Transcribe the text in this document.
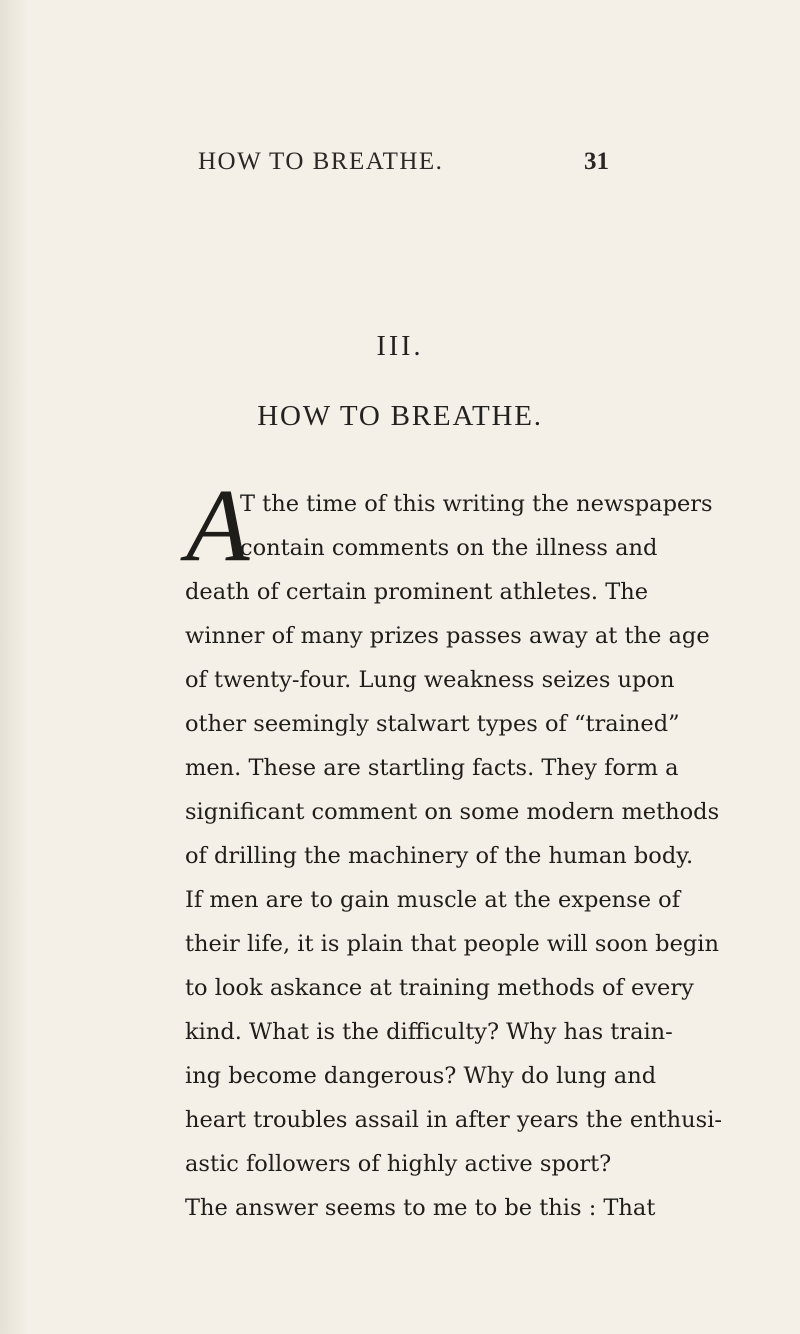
HOW TO BREATHE.	31
III.
HOW TO BREATHE.
A
T the time of this writing the newspapers
contain comments on the illness and
death of certain prominent athletes. The
winner of many prizes passes away at the age
of twenty-four. Lung weakness seizes upon
other seemingly stalwart types of “trained”
men. These are startling facts. They form a
significant comment on some modern methods
of drilling the machinery of the human body.
If men are to gain muscle at the expense of
their life, it is plain that people will soon begin
to look askance at training methods of every
kind. What is the difficulty? Why has train-
ing become dangerous? Why do lung and
heart troubles assail in after years the enthusi-
astic followers of highly active sport?
The answer seems to me to be this : That
